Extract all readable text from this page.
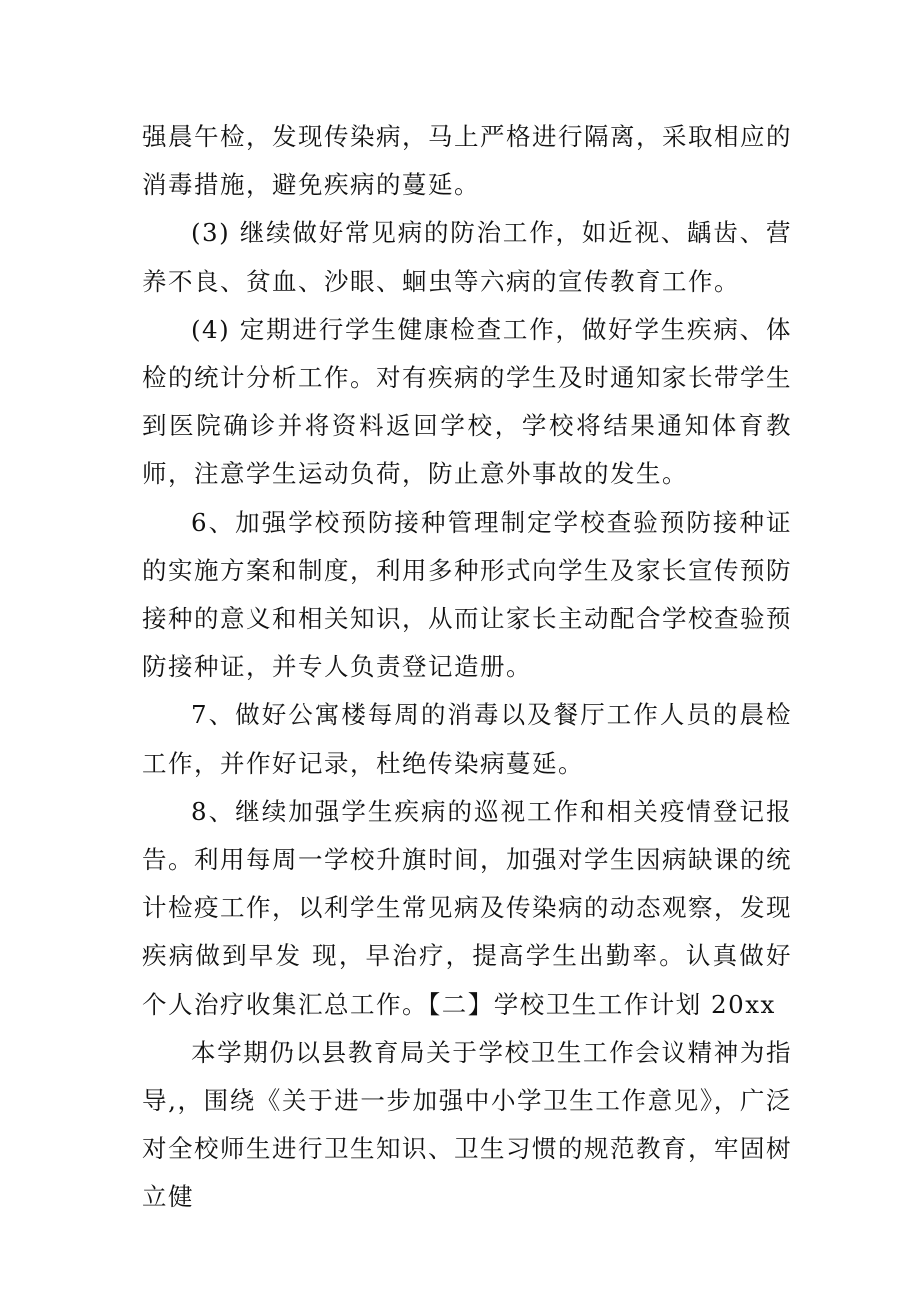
强晨午检，发现传染病，马上严格进行隔离，采取相应的消毒措施，避免疾病的蔓延。

(3) 继续做好常见病的防治工作，如近视、龋齿、营养不良、贫血、沙眼、蛔虫等六病的宣传教育工作。

(4) 定期进行学生健康检查工作，做好学生疾病、体检的统计分析工作。对有疾病的学生及时通知家长带学生到医院确诊并将资料返回学校，学校将结果通知体育教师，注意学生运动负荷，防止意外事故的发生。

6、加强学校预防接种管理制定学校查验预防接种证的实施方案和制度，利用多种形式向学生及家长宣传预防接种的意义和相关知识，从而让家长主动配合学校查验预防接种证，并专人负责登记造册。

7、做好公寓楼每周的消毒以及餐厅工作人员的晨检工作，并作好记录，杜绝传染病蔓延。

8、继续加强学生疾病的巡视工作和相关疫情登记报告。利用每周一学校升旗时间，加强对学生因病缺课的统计检疫工作，以利学生常见病及传染病的动态观察，发现疾病做到早发 现，早治疗，提高学生出勤率。认真做好个人治疗收集汇总工作。【二】学校卫生工作计划 20xx

本学期仍以县教育局关于学校卫生工作会议精神为指导,，围绕《关于进一步加强中小学卫生工作意见》，广泛对全校师生进行卫生知识、卫生习惯的规范教育，牢固树立健
